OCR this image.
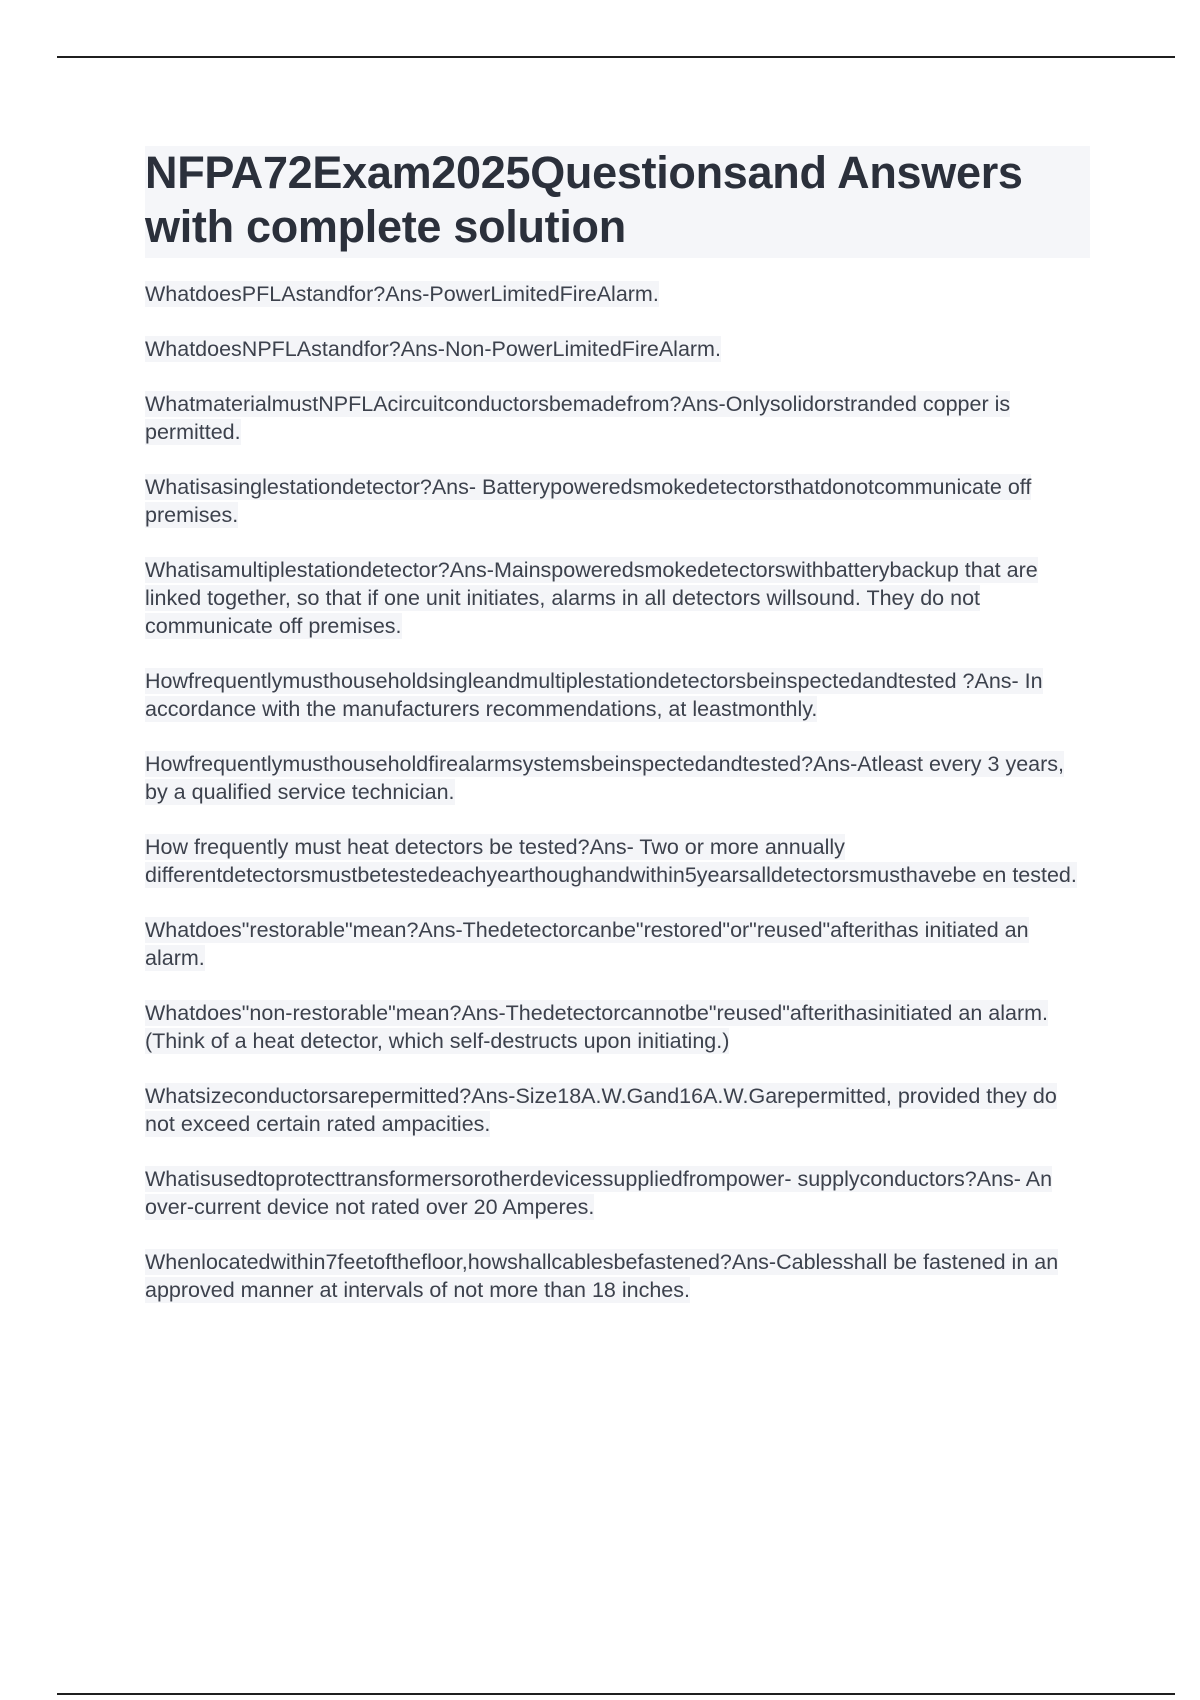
NFPA72Exam2025Questionsand Answers with complete solution

WhatdoesPFLAstandfor?Ans-PowerLimitedFireAlarm.

WhatdoesNPFLAstandfor?Ans-Non-PowerLimitedFireAlarm.

WhatmaterialmustNPFLAcircuitconductorsbemadefrom?Ans-Onlysolidorstranded copper is permitted.

Whatisasinglestationdetector?Ans- Batterypoweredsmokedetectorsthatdonotcommunicate off premises.

Whatisamultiplestationdetector?Ans-Mainspoweredsmokedetectorswithbatterybackup that are linked together, so that if one unit initiates, alarms in all detectors willsound. They do not communicate off premises.

Howfrequentlymusthouseholdsingleandmultiplestationdetectorsbeinspectedandtested ?Ans- In accordance with the manufacturers recommendations, at leastmonthly.

Howfrequentlymusthouseholdfirealarmsystemsbeinspectedandtested?Ans-Atleast every 3 years, by a qualified service technician.

How frequently must heat detectors be tested?Ans- Two or more annually differentdetectorsmustbetestedeachyearthoughandwithin5yearsalldetectorsmusthavebe en tested.

Whatdoes"restorable"mean?Ans-Thedetectorcanbe"restored"or"reused"afterithas initiated an alarm.

Whatdoes"non-restorable"mean?Ans-Thedetectorcannotbe"reused"afterithasinitiated an alarm. (Think of a heat detector, which self-destructs upon initiating.)

Whatsizeconductorsarepermitted?Ans-Size18A.W.Gand16A.W.Garepermitted, provided they do not exceed certain rated ampacities.

Whatisusedtoprotecttransformersorotherdevicessuppliedfrompower- supplyconductors?Ans- An over-current device not rated over 20 Amperes.

Whenlocatedwithin7feetofthefloor,howshallcablesbefastened?Ans-Cablesshall be fastened in an approved manner at intervals of not more than 18 inches.
